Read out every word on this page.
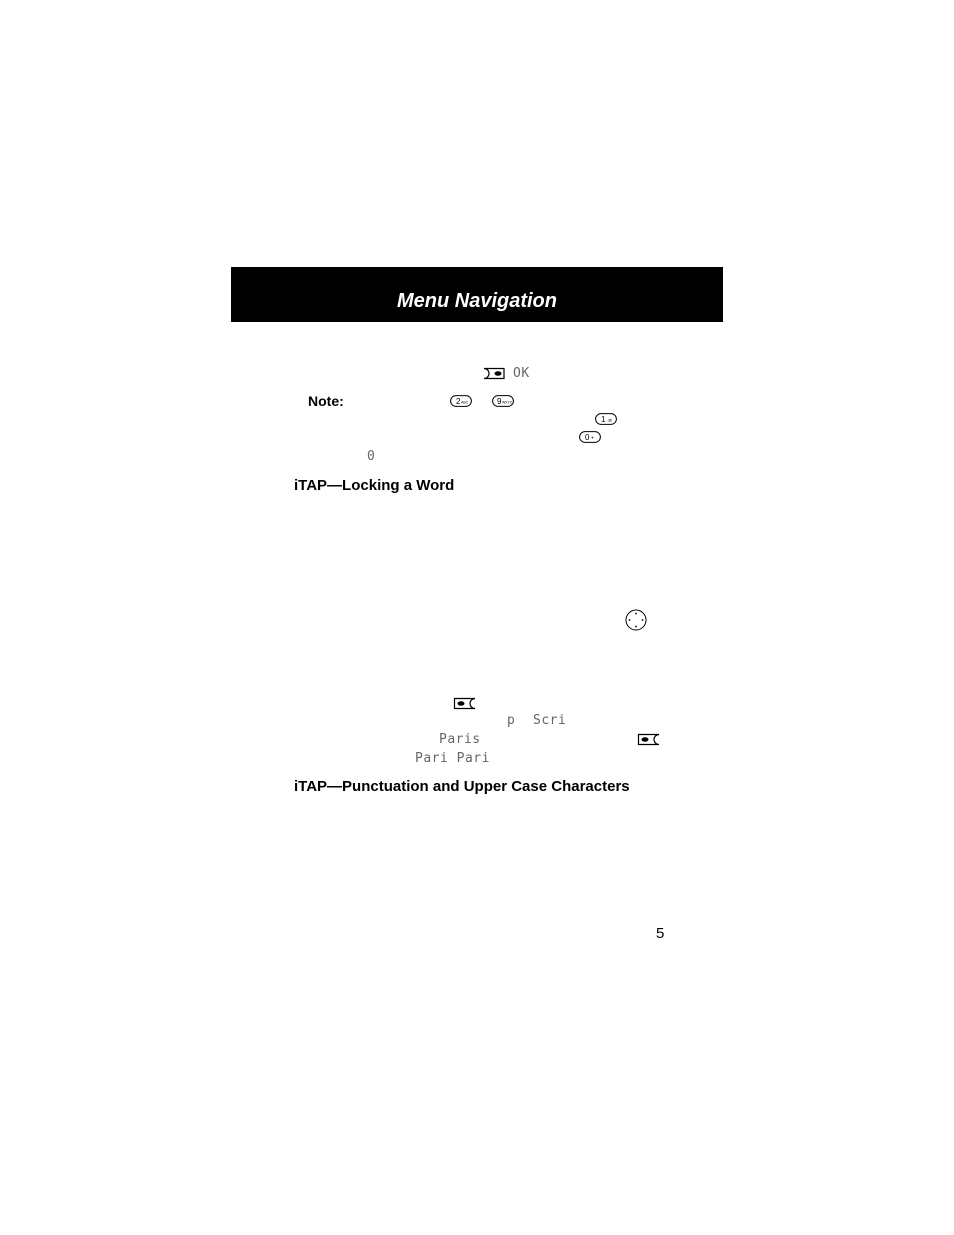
Menu Navigation
OK
Note:	2 ABC	9 WXYZ
1 .@
0 +
0
iTAP—Locking a Word
p Scri
Paris
Pari Pari
iTAP—Punctuation and Upper Case Characters
5
